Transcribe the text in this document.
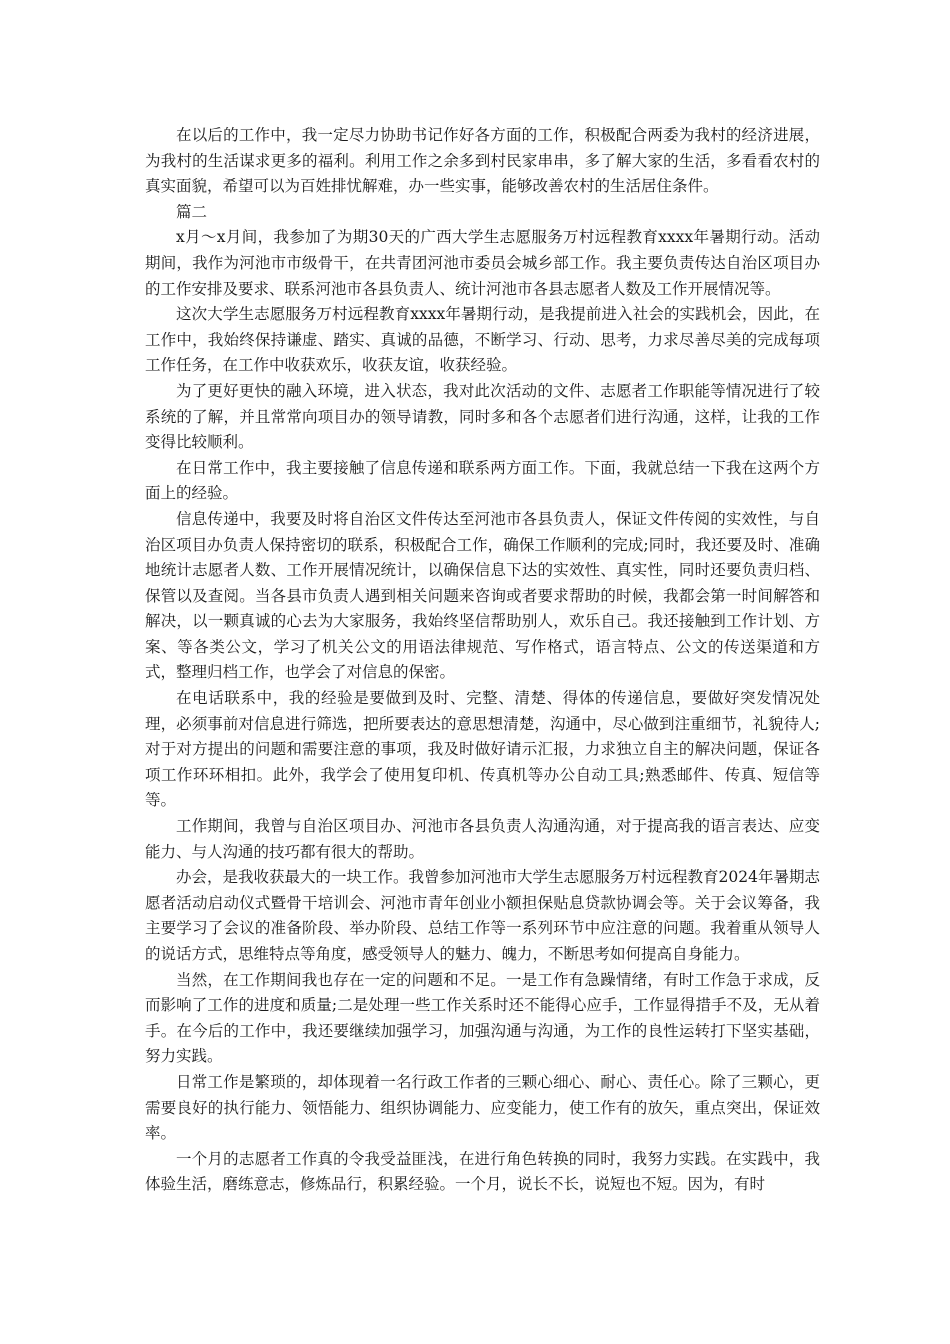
在以后的工作中，我一定尽力协助书记作好各方面的工作，积极配合两委为我村的经济进展，为我村的生活谋求更多的福利。利用工作之余多到村民家串串，多了解大家的生活，多看看农村的真实面貌，希望可以为百姓排忧解难，办一些实事，能够改善农村的生活居住条件。

篇二

x月～x月间，我参加了为期30天的广西大学生志愿服务万村远程教育xxxx年暑期行动。活动期间，我作为河池市市级骨干，在共青团河池市委员会城乡部工作。我主要负责传达自治区项目办的工作安排及要求、联系河池市各县负责人、统计河池市各县志愿者人数及工作开展情况等。

这次大学生志愿服务万村远程教育xxxx年暑期行动，是我提前进入社会的实践机会，因此，在工作中，我始终保持谦虚、踏实、真诚的品德，不断学习、行动、思考，力求尽善尽美的完成每项工作任务，在工作中收获欢乐，收获友谊，收获经验。

为了更好更快的融入环境，进入状态，我对此次活动的文件、志愿者工作职能等情况进行了较系统的了解，并且常常向项目办的领导请教，同时多和各个志愿者们进行沟通，这样，让我的工作变得比较顺利。

在日常工作中，我主要接触了信息传递和联系两方面工作。下面，我就总结一下我在这两个方面上的经验。

信息传递中，我要及时将自治区文件传达至河池市各县负责人，保证文件传阅的实效性，与自治区项目办负责人保持密切的联系，积极配合工作，确保工作顺利的完成;同时，我还要及时、准确地统计志愿者人数、工作开展情况统计，以确保信息下达的实效性、真实性，同时还要负责归档、保管以及查阅。当各县市负责人遇到相关问题来咨询或者要求帮助的时候，我都会第一时间解答和解决，以一颗真诚的心去为大家服务，我始终坚信帮助别人，欢乐自己。我还接触到工作计划、方案、等各类公文，学习了机关公文的用语法律规范、写作格式，语言特点、公文的传送渠道和方式，整理归档工作，也学会了对信息的保密。

在电话联系中，我的经验是要做到及时、完整、清楚、得体的传递信息，要做好突发情况处理，必须事前对信息进行筛选，把所要表达的意思想清楚，沟通中，尽心做到注重细节，礼貌待人;对于对方提出的问题和需要注意的事项，我及时做好请示汇报，力求独立自主的解决问题，保证各项工作环环相扣。此外，我学会了使用复印机、传真机等办公自动工具;熟悉邮件、传真、短信等等。

工作期间，我曾与自治区项目办、河池市各县负责人沟通沟通，对于提高我的语言表达、应变能力、与人沟通的技巧都有很大的帮助。

办会，是我收获最大的一块工作。我曾参加河池市大学生志愿服务万村远程教育2024年暑期志愿者活动启动仪式暨骨干培训会、河池市青年创业小额担保贴息贷款协调会等。关于会议筹备，我主要学习了会议的准备阶段、举办阶段、总结工作等一系列环节中应注意的问题。我着重从领导人的说话方式，思维特点等角度，感受领导人的魅力、魄力，不断思考如何提高自身能力。

当然，在工作期间我也存在一定的问题和不足。一是工作有急躁情绪，有时工作急于求成，反而影响了工作的进度和质量;二是处理一些工作关系时还不能得心应手，工作显得措手不及，无从着手。在今后的工作中，我还要继续加强学习，加强沟通与沟通，为工作的良性运转打下坚实基础，努力实践。

日常工作是繁琐的，却体现着一名行政工作者的三颗心细心、耐心、责任心。除了三颗心，更需要良好的执行能力、领悟能力、组织协调能力、应变能力，使工作有的放矢，重点突出，保证效率。

一个月的志愿者工作真的令我受益匪浅，在进行角色转换的同时，我努力实践。在实践中，我体验生活，磨练意志，修炼品行，积累经验。一个月，说长不长，说短也不短。因为，有时
